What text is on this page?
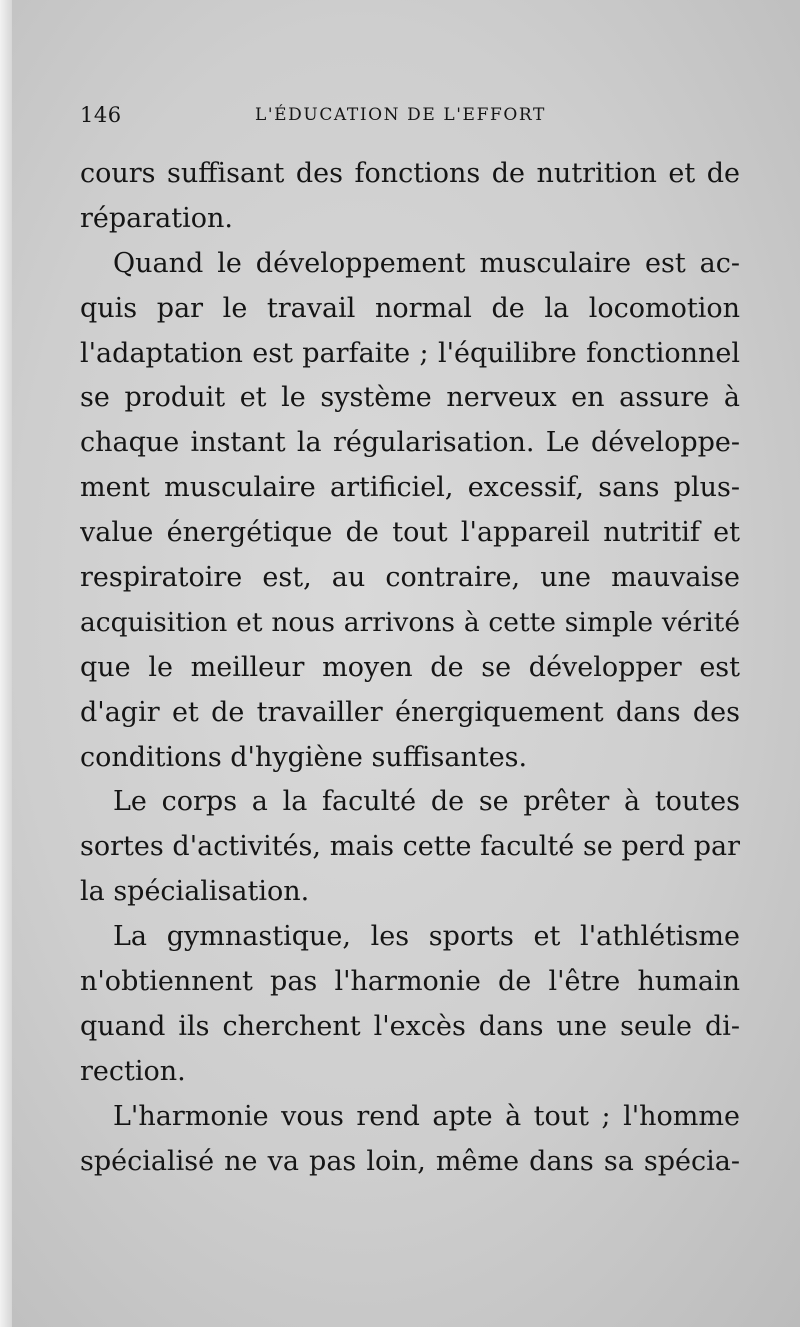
146	L'ÉDUCATION DE L'EFFORT
cours suffisant des fonctions de nutrition et de
réparation.
Quand le développement musculaire est ac-
quis par le travail normal de la locomotion
l'adaptation est parfaite ; l'équilibre fonctionnel
se produit et le système nerveux en assure à
chaque instant la régularisation. Le développe-
ment musculaire artificiel, excessif, sans plus-
value énergétique de tout l'appareil nutritif et
respiratoire est, au contraire, une mauvaise
acquisition et nous arrivons à cette simple vérité
que le meilleur moyen de se développer est
d'agir et de travailler énergiquement dans des
conditions d'hygiène suffisantes.
Le corps a la faculté de se prêter à toutes
sortes d'activités, mais cette faculté se perd par
la spécialisation.
La gymnastique, les sports et l'athlétisme
n'obtiennent pas l'harmonie de l'être humain
quand ils cherchent l'excès dans une seule di-
rection.
L'harmonie vous rend apte à tout ; l'homme
spécialisé ne va pas loin, même dans sa spécia-
